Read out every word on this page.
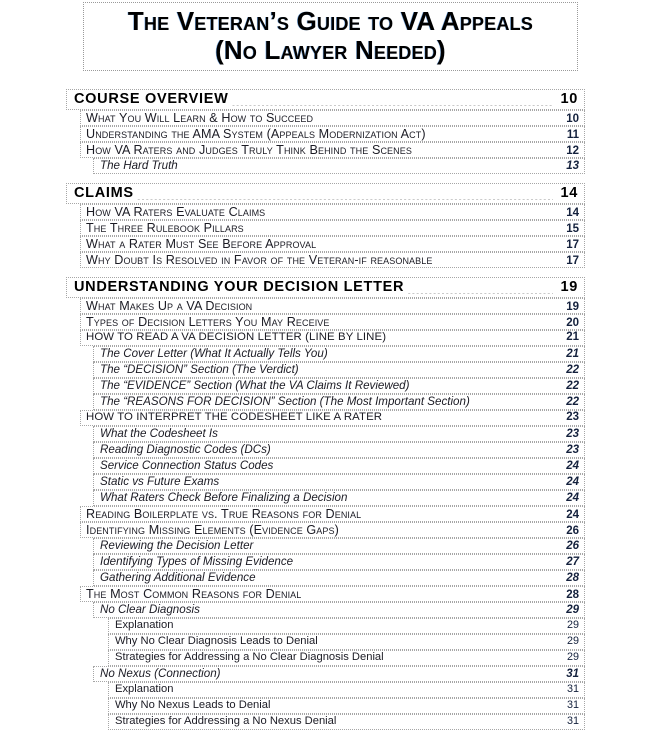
The Veteran’s Guide to VA Appeals
(No Lawyer Needed)
COURSE OVERVIEW .....	10
What You Will Learn & How to Succeed .....	10
Understanding the AMA System (Appeals Modernization Act) .....	11
How VA Raters and Judges Truly Think Behind the Scenes .....	12
The Hard Truth .....	13
CLAIMS .....	14
How VA Raters Evaluate Claims .....	14
The Three Rulebook Pillars .....	15
What a Rater Must See Before Approval .....	17
Why Doubt Is Resolved in Favor of the Veteran-if reasonable .....	17
UNDERSTANDING YOUR DECISION LETTER .....	19
What Makes Up a VA Decision .....	19
Types of Decision Letters You May Receive .....	20
HOW TO READ A VA DECISION LETTER (LINE BY LINE) .....	21
The Cover Letter (What It Actually Tells You) .....	21
The “DECISION” Section (The Verdict) .....	22
The “EVIDENCE” Section (What the VA Claims It Reviewed) .....	22
The “REASONS FOR DECISION” Section (The Most Important Section) .....	22
HOW TO INTERPRET THE CODESHEET LIKE A RATER .....	23
What the Codesheet Is .....	23
Reading Diagnostic Codes (DCs) .....	23
Service Connection Status Codes .....	24
Static vs Future Exams .....	24
What Raters Check Before Finalizing a Decision .....	24
Reading Boilerplate vs. True Reasons for Denial .....	24
Identifying Missing Elements (Evidence Gaps) .....	26
Reviewing the Decision Letter .....	26
Identifying Types of Missing Evidence .....	27
Gathering Additional Evidence .....	28
The Most Common Reasons for Denial .....	28
No Clear Diagnosis .....	29
Explanation .....	29
Why No Clear Diagnosis Leads to Denial .....	29
Strategies for Addressing a No Clear Diagnosis Denial .....	29
No Nexus (Connection) .....	31
Explanation .....	31
Why No Nexus Leads to Denial .....	31
Strategies for Addressing a No Nexus Denial .....	31
